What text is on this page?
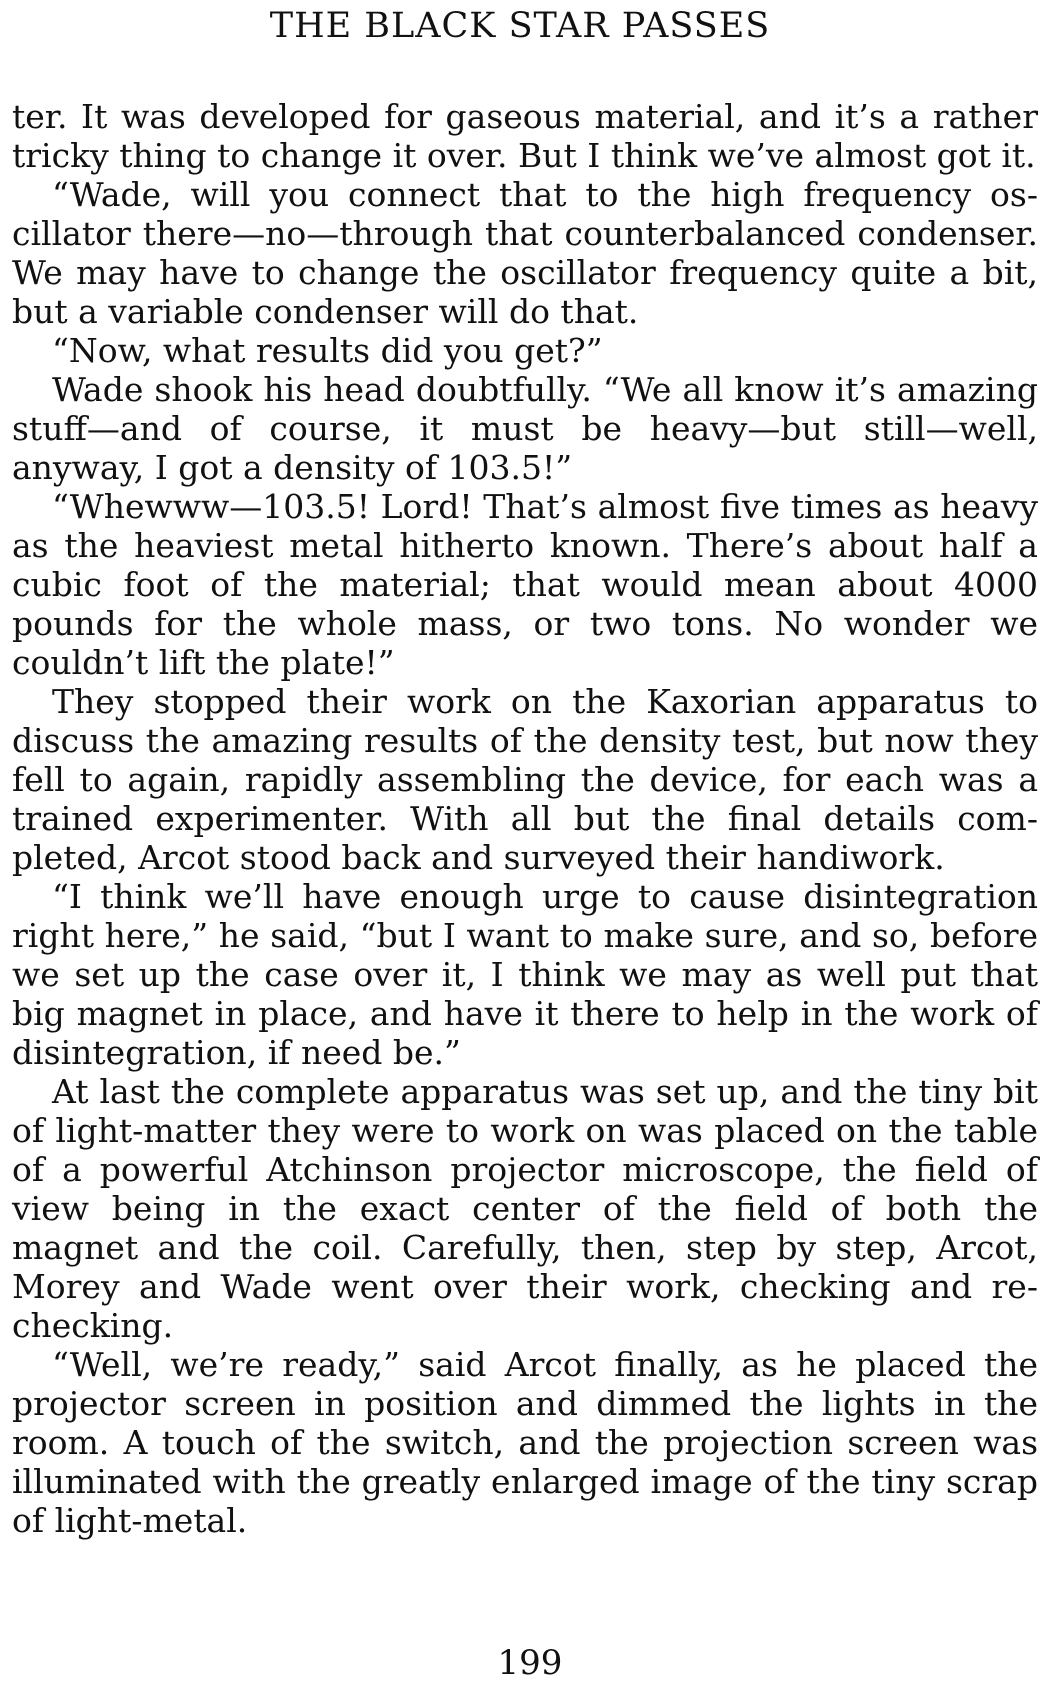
THE BLACK STAR PASSES

ter. It was developed for gaseous material, and it’s a rather tricky thing to change it over. But I think we’ve almost got it.

“Wade, will you connect that to the high frequency oscillator there—no—through that counterbalanced condenser. We may have to change the oscillator frequency quite a bit, but a variable condenser will do that.

“Now, what results did you get?”

Wade shook his head doubtfully. “We all know it’s amazing stuff—and of course, it must be heavy—but still—well, anyway, I got a density of 103.5!”

“Whewww—103.5! Lord! That’s almost five times as heavy as the heaviest metal hitherto known. There’s about half a cubic foot of the material; that would mean about 4000 pounds for the whole mass, or two tons. No wonder we couldn’t lift the plate!”

They stopped their work on the Kaxorian apparatus to discuss the amazing results of the density test, but now they fell to again, rapidly assembling the device, for each was a trained experimenter. With all but the final details completed, Arcot stood back and surveyed their handiwork.

“I think we’ll have enough urge to cause disintegration right here,” he said, “but I want to make sure, and so, before we set up the case over it, I think we may as well put that big magnet in place, and have it there to help in the work of disintegration, if need be.”

At last the complete apparatus was set up, and the tiny bit of light-matter they were to work on was placed on the table of a powerful Atchinson projector microscope, the field of view being in the exact center of the field of both the magnet and the coil. Carefully, then, step by step, Arcot, Morey and Wade went over their work, checking and rechecking.

“Well, we’re ready,” said Arcot finally, as he placed the projector screen in position and dimmed the lights in the room. A touch of the switch, and the projection screen was illuminated with the greatly enlarged image of the tiny scrap of light-metal.

199
